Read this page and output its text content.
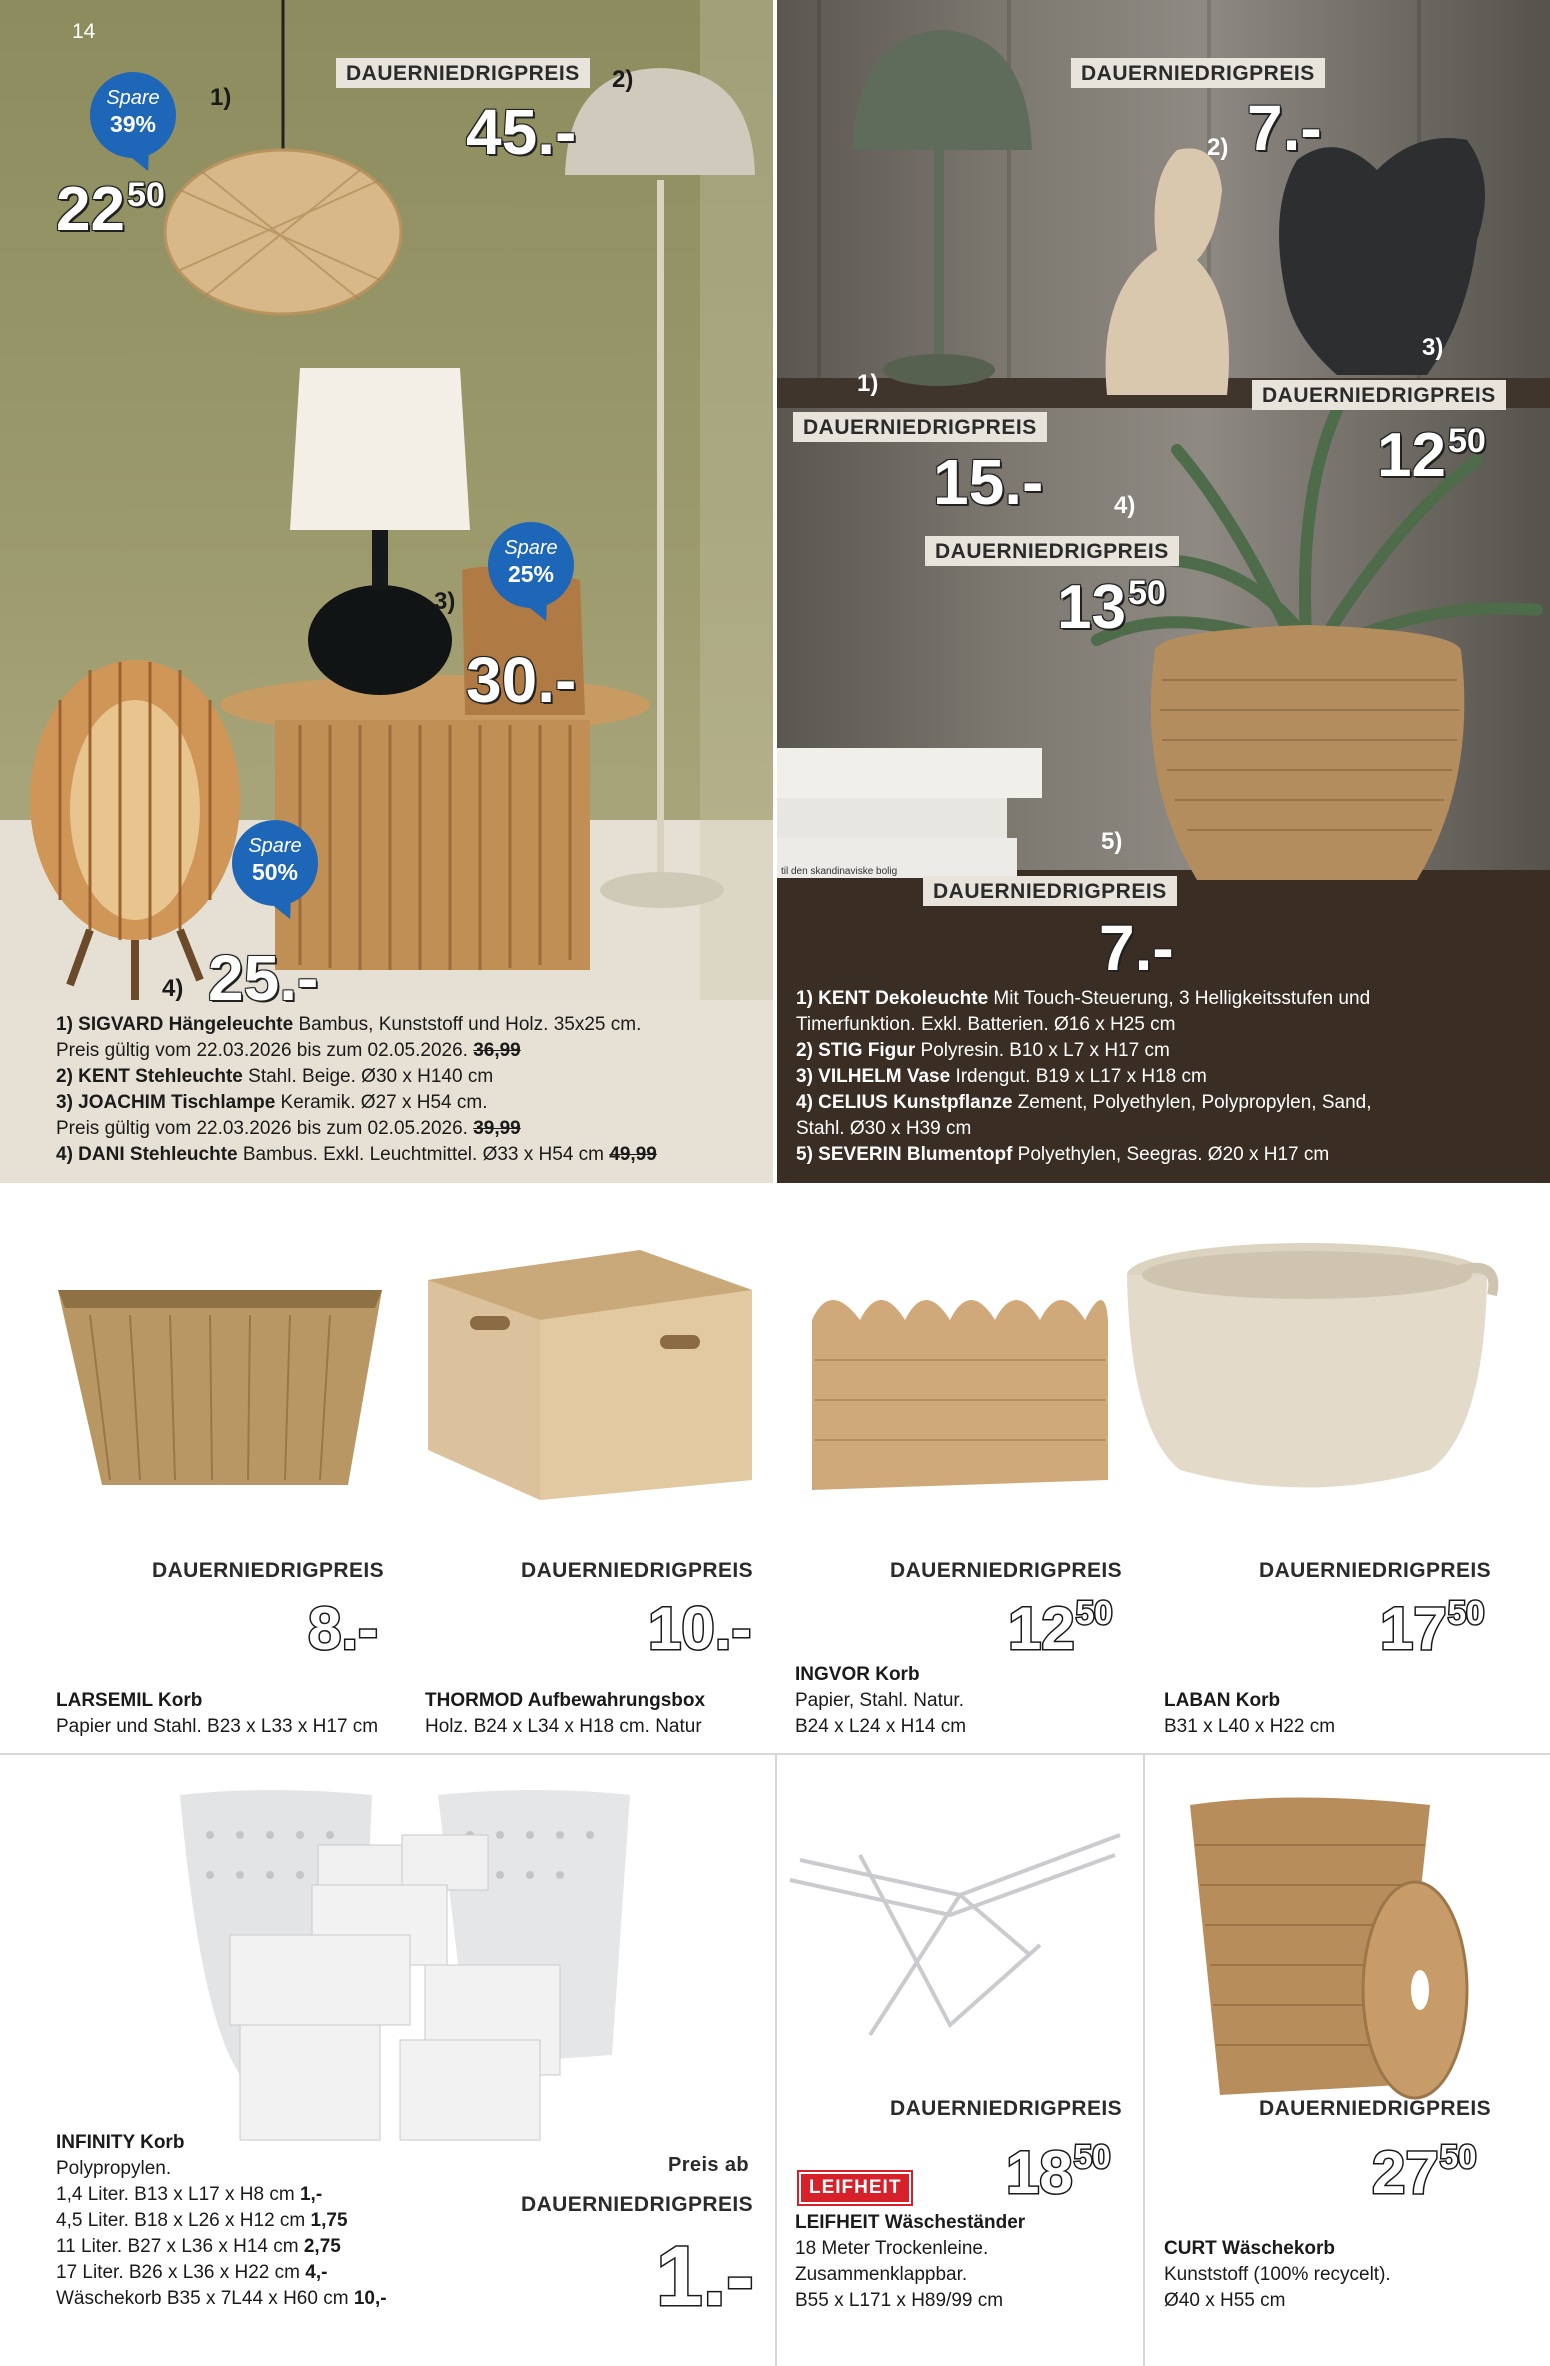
14
Spare
39%
1)
$22^{50}$
DAUERNIEDRIGPREIS	2)
45.-
Spare
25%
3)
30.-
Spare
50%
4) 25.-
1) SIGVARD Hängeleuchte Bambus, Kunststoff und Holz. 35x25 cm.
Preis gültig vom 22.03.2026 bis zum 02.05.2026. 36,99
2) KENT Stehleuchte Stahl. Beige. Ø30 x H140 cm
3) JOACHIM Tischlampe Keramik. Ø27 x H54 cm.
Preis gültig vom 22.03.2026 bis zum 02.05.2026. 39,99
4) DANI Stehleuchte Bambus. Exkl. Leuchtmittel. Ø33 x H54 cm 49,99
til den skandinaviske bolig
DAUERNIEDRIGPREIS
2) 7.-
1)
DAUERNIEDRIGPREIS
15.-
3)
DAUERNIEDRIGPREIS
$12^{50}$
4)
DAUERNIEDRIGPREIS
$13^{50}$
5)
DAUERNIEDRIGPREIS
7.-
1) KENT Dekoleuchte Mit Touch-Steuerung, 3 Helligkeitsstufen und
Timerfunktion. Exkl. Batterien. Ø16 x H25 cm
2) STIG Figur Polyresin. B10 x L7 x H17 cm
3) VILHELM Vase Irdengut. B19 x L17 x H18 cm
4) CELIUS Kunstpflanze Zement, Polyethylen, Polypropylen, Sand,
Stahl. Ø30 x H39 cm
5) SEVERIN Blumentopf Polyethylen, Seegras. Ø20 x H17 cm
DAUERNIEDRIGPREIS
8.-
LARSEMIL Korb
Papier und Stahl. B23 x L33 x H17 cm
DAUERNIEDRIGPREIS
10.-
THORMOD Aufbewahrungsbox
Holz. B24 x L34 x H18 cm. Natur
DAUERNIEDRIGPREIS
$12^{50}$
INGVOR Korb
Papier, Stahl. Natur.
B24 x L24 x H14 cm
DAUERNIEDRIGPREIS
$17^{50}$
LABAN Korb
B31 x L40 x H22 cm
INFINITY Korb
Polypropylen.
1,4 Liter. B13 x L17 x H8 cm 1,-
4,5 Liter. B18 x L26 x H12 cm 1,75
11 Liter. B27 x L36 x H14 cm 2,75
17 Liter. B26 x L36 x H22 cm 4,-
Wäschekorb B35 x 7L44 x H60 cm 10,-
Preis ab
DAUERNIEDRIGPREIS
1.-
DAUERNIEDRIGPREIS
LEIFHEIT $18^{50}$
LEIFHEIT Wäscheständer
18 Meter Trockenleine.
Zusammenklappbar.
B55 x L171 x H89/99 cm
DAUERNIEDRIGPREIS
$27^{50}$
CURT Wäschekorb
Kunststoff (100% recycelt).
Ø40 x H55 cm
